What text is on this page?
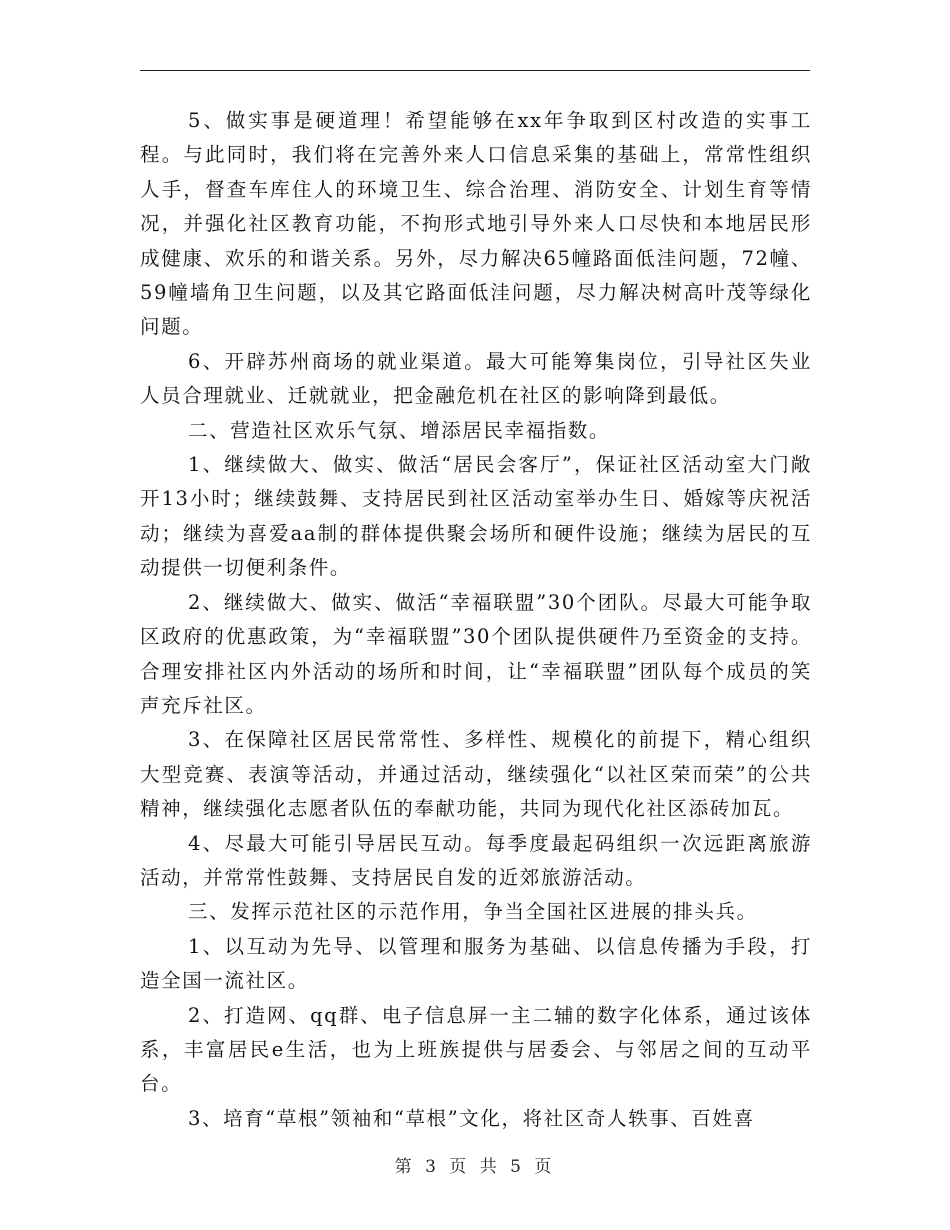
5、做实事是硬道理！希望能够在xx年争取到区村改造的实事工程。与此同时，我们将在完善外来人口信息采集的基础上，常常性组织人手，督查车库住人的环境卫生、综合治理、消防安全、计划生育等情况，并强化社区教育功能，不拘形式地引导外来人口尽快和本地居民形成健康、欢乐的和谐关系。另外，尽力解决65幢路面低洼问题，72幢、59幢墙角卫生问题，以及其它路面低洼问题，尽力解决树高叶茂等绿化问题。

6、开辟苏州商场的就业渠道。最大可能筹集岗位，引导社区失业人员合理就业、迁就就业，把金融危机在社区的影响降到最低。

二、营造社区欢乐气氛、增添居民幸福指数。

1、继续做大、做实、做活“居民会客厅”，保证社区活动室大门敞开13小时；继续鼓舞、支持居民到社区活动室举办生日、婚嫁等庆祝活动；继续为喜爱aa制的群体提供聚会场所和硬件设施；继续为居民的互动提供一切便利条件。

2、继续做大、做实、做活“幸福联盟”30个团队。尽最大可能争取区政府的优惠政策，为“幸福联盟”30个团队提供硬件乃至资金的支持。合理安排社区内外活动的场所和时间，让“幸福联盟”团队每个成员的笑声充斥社区。

3、在保障社区居民常常性、多样性、规模化的前提下，精心组织大型竞赛、表演等活动，并通过活动，继续强化“以社区荣而荣”的公共精神，继续强化志愿者队伍的奉献功能，共同为现代化社区添砖加瓦。

4、尽最大可能引导居民互动。每季度最起码组织一次远距离旅游活动，并常常性鼓舞、支持居民自发的近郊旅游活动。

三、发挥示范社区的示范作用，争当全国社区进展的排头兵。

1、以互动为先导、以管理和服务为基础、以信息传播为手段，打造全国一流社区。

2、打造网、qq群、电子信息屏一主二辅的数字化体系，通过该体系，丰富居民e生活，也为上班族提供与居委会、与邻居之间的互动平台。

3、培育“草根”领袖和“草根”文化，将社区奇人轶事、百姓喜

第 3 页 共 5 页
